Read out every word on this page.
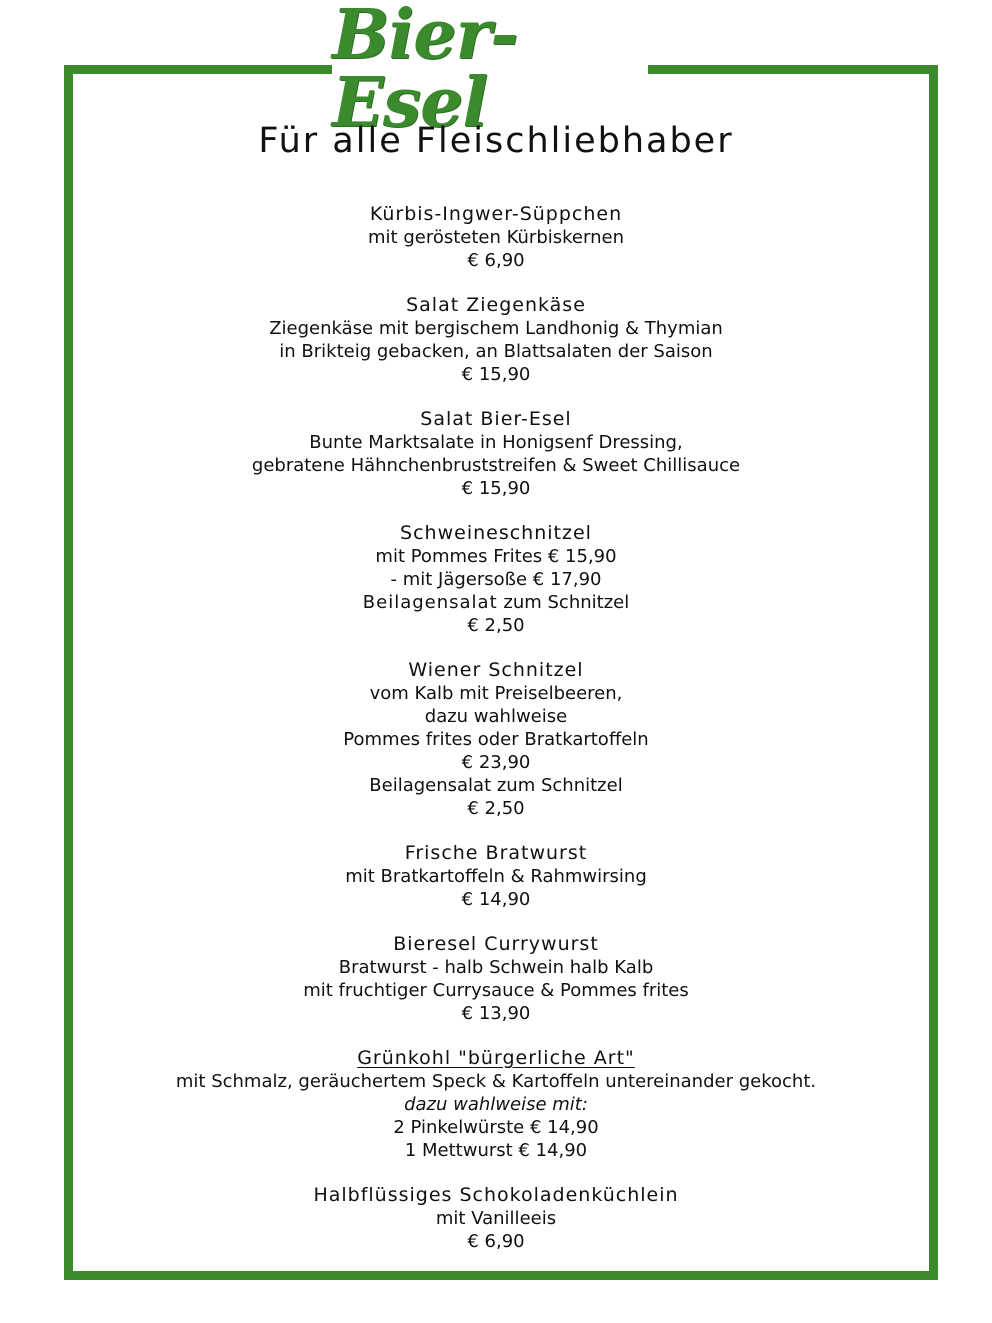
Bier-Esel
Für alle Fleischliebhaber
Kürbis-Ingwer-Süppchen
mit gerösteten Kürbiskernen
€ 6,90
Salat Ziegenkäse
Ziegenkäse mit bergischem Landhonig & Thymian
in Brikteig gebacken, an Blattsalaten der Saison
€ 15,90
Salat Bier-Esel
Bunte Marktsalate in Honigsenf Dressing,
gebratene Hähnchenbruststreifen & Sweet Chillisauce
€ 15,90
Schweineschnitzel
mit Pommes Frites € 15,90
- mit Jägersoße € 17,90
Beilagensalat zum Schnitzel
€ 2,50
Wiener Schnitzel
vom Kalb mit Preiselbeeren,
dazu wahlweise
Pommes frites oder Bratkartoffeln
€ 23,90
Beilagensalat zum Schnitzel
€ 2,50
Frische Bratwurst
mit Bratkartoffeln & Rahmwirsing
€ 14,90
Bieresel Currywurst
Bratwurst - halb Schwein halb Kalb
mit fruchtiger Currysauce & Pommes frites
€ 13,90
Grünkohl "bürgerliche Art"
mit Schmalz, geräuchertem Speck & Kartoffeln untereinander gekocht.
dazu wahlweise mit:
2 Pinkelwürste € 14,90
1 Mettwurst € 14,90
Halbflüssiges Schokoladenküchlein
mit Vanilleeis
€ 6,90
